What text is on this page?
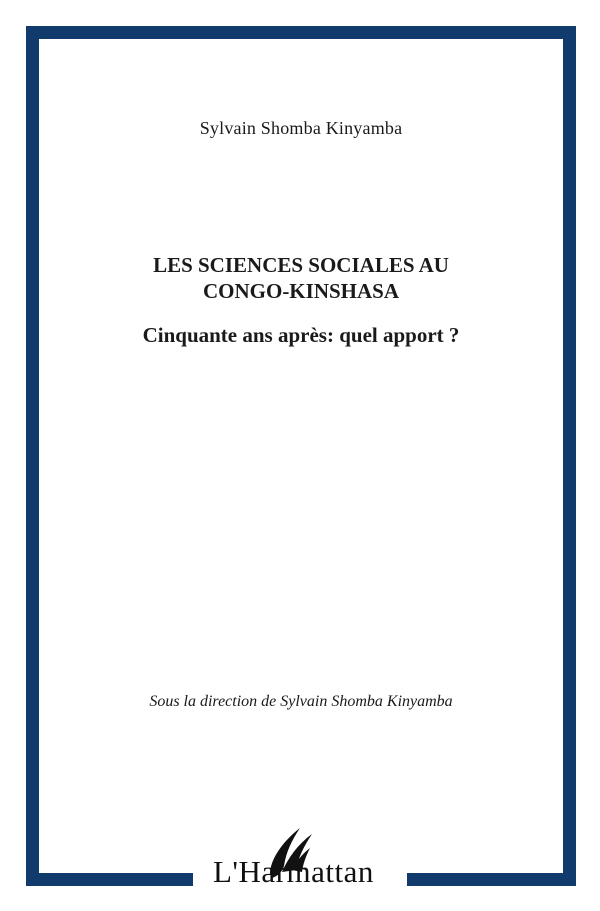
Sylvain Shomba Kinyamba
LES SCIENCES SOCIALES AU
CONGO-KINSHASA
Cinquante ans après: quel apport ?
Sous la direction de Sylvain Shomba Kinyamba
L'Harmattan
